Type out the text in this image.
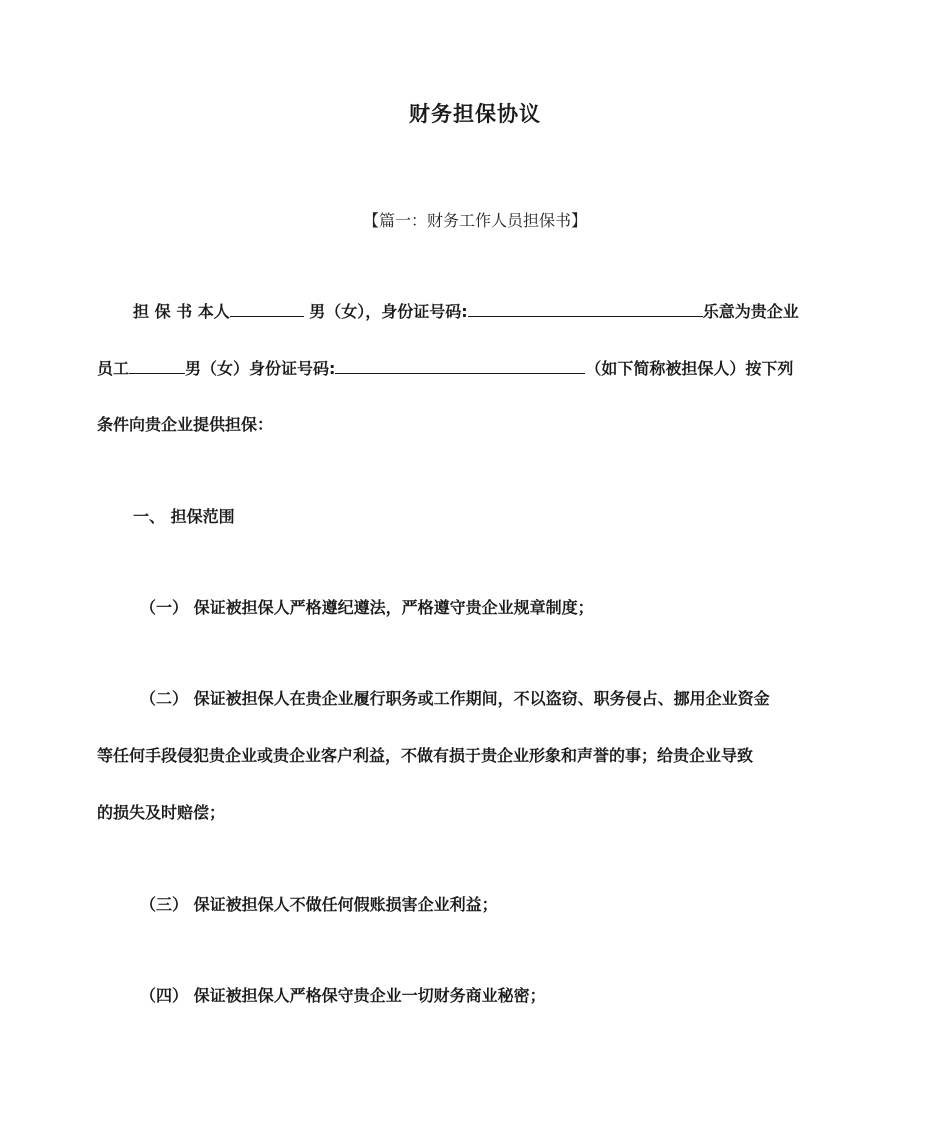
财务担保协议
【篇一：财务工作人员担保书】
担 保 书 本人	男（女），身份证号码:	乐意为贵企业
员工	男（女）身份证号码:	（如下简称被担保人）按下列
条件向贵企业提供担保：
一、 担保范围
（一） 保证被担保人严格遵纪遵法，严格遵守贵企业规章制度；
（二） 保证被担保人在贵企业履行职务或工作期间，不以盗窃、职务侵占、挪用企业资金
等任何手段侵犯贵企业或贵企业客户利益，不做有损于贵企业形象和声誉的事；给贵企业导致
的损失及时赔偿；
（三） 保证被担保人不做任何假账损害企业利益；
（四） 保证被担保人严格保守贵企业一切财务商业秘密；
